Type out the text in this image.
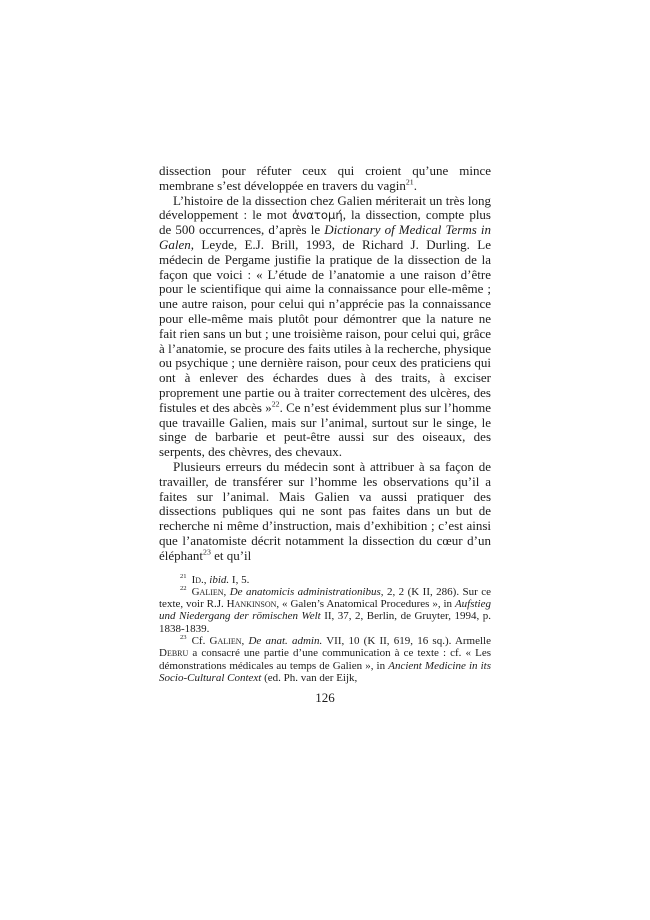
dissection pour réfuter ceux qui croient qu’une mince membrane s’est développée en travers du vagin$^{21}$.

L’histoire de la dissection chez Galien mériterait un très long développement : le mot ἀνατομή, la dissection, compte plus de 500 occurrences, d’après le Dictionary of Medical Terms in Galen, Leyde, E.J. Brill, 1993, de Richard J. Durling. Le médecin de Pergame justifie la pratique de la dissection de la façon que voici : « L’étude de l’anatomie a une raison d’être pour le scientifique qui aime la connaissance pour elle-même ; une autre raison, pour celui qui n’apprécie pas la connaissance pour elle-même mais plutôt pour démontrer que la nature ne fait rien sans un but ; une troisième raison, pour celui qui, grâce à l’anatomie, se procure des faits utiles à la recherche, physique ou psychique ; une dernière raison, pour ceux des praticiens qui ont à enlever des échardes dues à des traits, à exciser proprement une partie ou à traiter correctement des ulcères, des fistules et des abcès »$^{22}$. Ce n’est évidemment plus sur l’homme que travaille Galien, mais sur l’animal, surtout sur le singe, le singe de barbarie et peut-être aussi sur des oiseaux, des serpents, des chèvres, des chevaux.

Plusieurs erreurs du médecin sont à attribuer à sa façon de travailler, de transférer sur l’homme les observations qu’il a faites sur l’animal. Mais Galien va aussi pratiquer des dissections publiques qui ne sont pas faites dans un but de recherche ni même d’instruction, mais d’exhibition ; c’est ainsi que l’anatomiste décrit notamment la dissection du cœur d’un éléphant$^{23}$ et qu’il

$^{21}$ Id., ibid. I, 5.

$^{22}$ Galien, De anatomicis administrationibus, 2, 2 (K II, 286). Sur ce texte, voir R.J. Hankinson, « Galen’s Anatomical Procedures », in Aufstieg und Niedergang der römischen Welt II, 37, 2, Berlin, de Gruyter, 1994, p. 1838-1839.

$^{23}$ Cf. Galien, De anat. admin. VII, 10 (K II, 619, 16 sq.). Armelle Debru a consacré une partie d’une communication à ce texte : cf. « Les démonstrations médicales au temps de Galien », in Ancient Medicine in its Socio-Cultural Context (ed. Ph. van der Eijk,

126
